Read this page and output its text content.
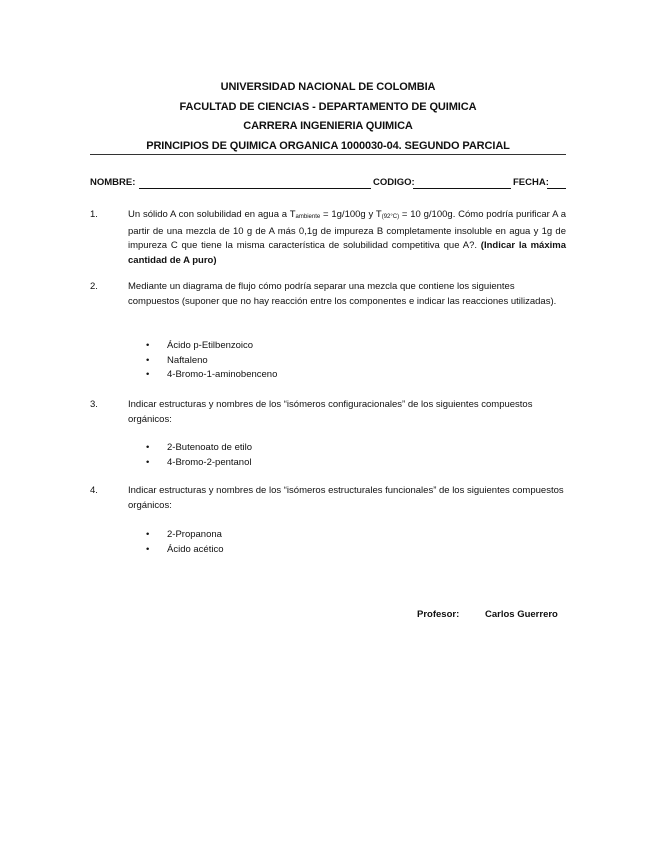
UNIVERSIDAD NACIONAL DE COLOMBIA
FACULTAD DE CIENCIAS - DEPARTAMENTO DE QUIMICA
CARRERA INGENIERIA QUIMICA
PRINCIPIOS DE QUIMICA ORGANICA 1000030-04. SEGUNDO PARCIAL
NOMBRE:	CODIGO:	FECHA:
1.	Un sólido A con solubilidad en agua a $T_{ambiente} = 1g/100g$ y $T_{(92^\circ C)} = 10$ g/100g. Cómo podría purificar A a partir de una mezcla de 10 g de A más 0,1g de impureza B completamente insoluble en agua y 1g de impureza C que tiene la misma característica de solubilidad competitiva que A?. (Indicar la máxima cantidad de A puro)
2.	Mediante un diagrama de flujo cómo podría separar una mezcla que contiene los siguientes compuestos (suponer que no hay reacción entre los componentes e indicar las reacciones utilizadas).
• Ácido p-Etilbenzoico
• Naftaleno
• 4-Bromo-1-aminobenceno
3.	Indicar estructuras y nombres de los “isómeros configuracionales” de los siguientes compuestos orgánicos:
• 2-Butenoato de etilo
• 4-Bromo-2-pentanol
4.	Indicar estructuras y nombres de los “isómeros estructurales funcionales” de los siguientes compuestos orgánicos:
• 2-Propanona
• Ácido acético
Profesor:	Carlos Guerrero
